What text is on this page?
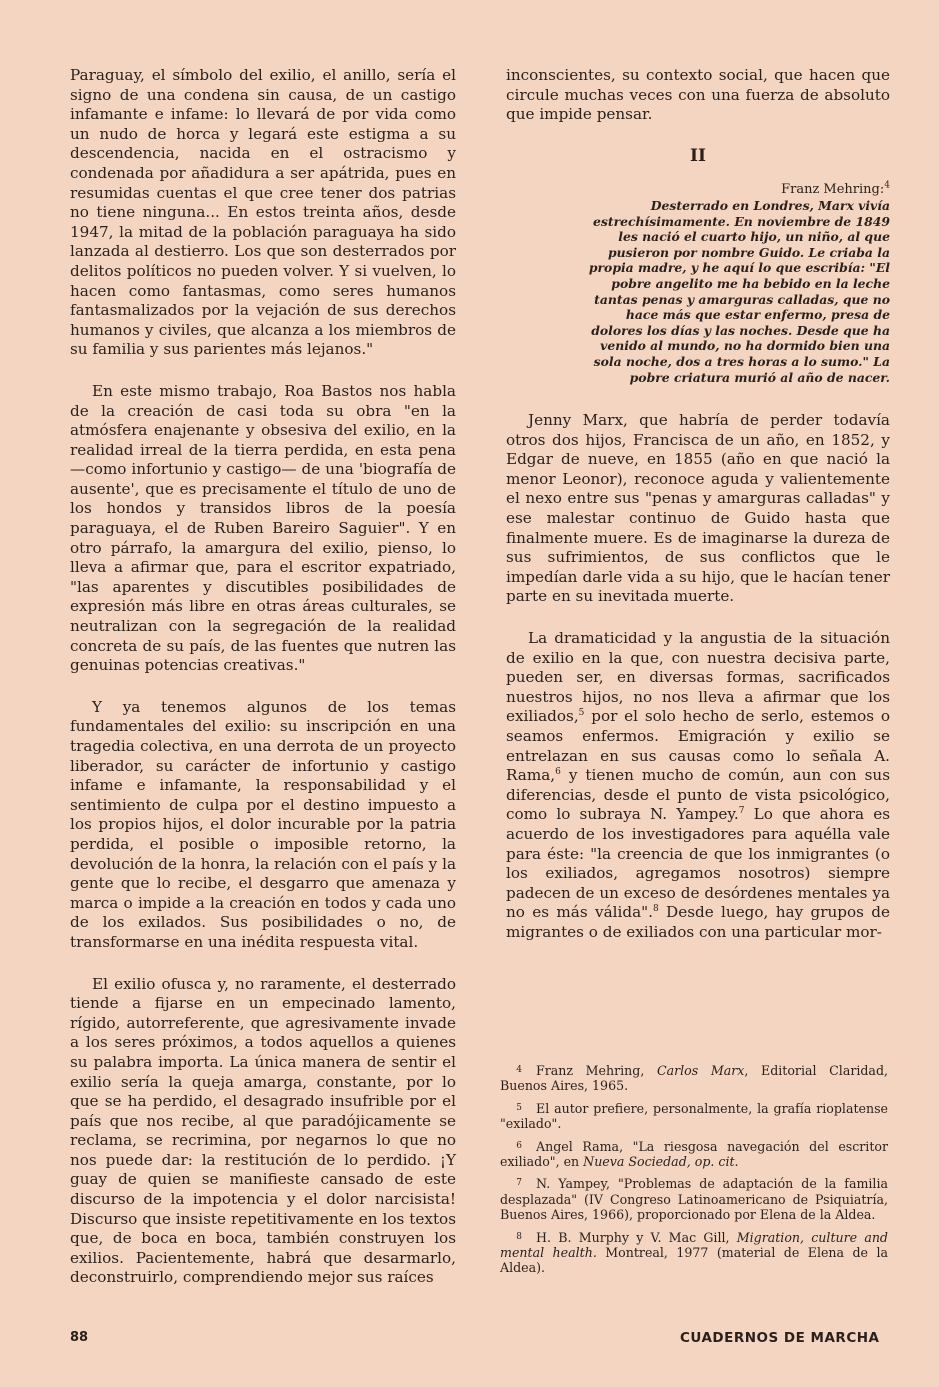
Paraguay, el símbolo del exilio, el anillo, sería el signo de una condena sin causa, de un castigo infamante e infame: lo llevará de por vida como un nudo de horca y legará este estigma a su descendencia, nacida en el ostracismo y condenada por añadidura a ser apátrida, pues en resumidas cuentas el que cree tener dos patrias no tiene ninguna... En estos treinta años, desde 1947, la mitad de la población paraguaya ha sido lanzada al destierro. Los que son desterrados por delitos políticos no pueden volver. Y si vuelven, lo hacen como fantasmas, como seres humanos fantasmalizados por la vejación de sus derechos humanos y civiles, que alcanza a los miembros de su familia y sus parientes más lejanos."

En este mismo trabajo, Roa Bastos nos habla de la creación de casi toda su obra "en la atmósfera enajenante y obsesiva del exilio, en la realidad irreal de la tierra perdida, en esta pena —como infortunio y castigo— de una 'biografía de ausente', que es precisamente el título de uno de los hondos y transidos libros de la poesía paraguaya, el de Ruben Bareiro Saguier". Y en otro párrafo, la amargura del exilio, pienso, lo lleva a afirmar que, para el escritor expatriado, "las aparentes y discutibles posibilidades de expresión más libre en otras áreas culturales, se neutralizan con la segregación de la realidad concreta de su país, de las fuentes que nutren las genuinas potencias creativas."

Y ya tenemos algunos de los temas fundamentales del exilio: su inscripción en una tragedia colectiva, en una derrota de un proyecto liberador, su carácter de infortunio y castigo infame e infamante, la responsabilidad y el sentimiento de culpa por el destino impuesto a los propios hijos, el dolor incurable por la patria perdida, el posible o imposible retorno, la devolución de la honra, la relación con el país y la gente que lo recibe, el desgarro que amenaza y marca o impide a la creación en todos y cada uno de los exilados. Sus posibilidades o no, de transformarse en una inédita respuesta vital.

El exilio ofusca y, no raramente, el desterrado tiende a fijarse en un empecinado lamento, rígido, autorreferente, que agresivamente invade a los seres próximos, a todos aquellos a quienes su palabra importa. La única manera de sentir el exilio sería la queja amarga, constante, por lo que se ha perdido, el desagrado insufrible por el país que nos recibe, al que paradójicamente se reclama, se recrimina, por negarnos lo que no nos puede dar: la restitución de lo perdido. ¡Y guay de quien se manifieste cansado de este discurso de la impotencia y el dolor narcisista! Discurso que insiste repetitivamente en los textos que, de boca en boca, también construyen los exilios. Pacientemente, habrá que desarmarlo, deconstruirlo, comprendiendo mejor sus raíces

inconscientes, su contexto social, que hacen que circule muchas veces con una fuerza de absoluto que impide pensar.

II
Franz Mehring:$^4$
Desterrado en Londres, Marx vivía estrechísimamente. En noviembre de 1849 les nació el cuarto hijo, un niño, al que pusieron por nombre Guido. Le criaba la propia madre, y he aquí lo que escribía: "El pobre angelito me ha bebido en la leche tantas penas y amarguras calladas, que no hace más que estar enfermo, presa de dolores los días y las noches. Desde que ha venido al mundo, no ha dormido bien una sola noche, dos a tres horas a lo sumo." La pobre criatura murió al año de nacer.

Jenny Marx, que habría de perder todavía otros dos hijos, Francisca de un año, en 1852, y Edgar de nueve, en 1855 (año en que nació la menor Leonor), reconoce aguda y valientemente el nexo entre sus "penas y amarguras calladas" y ese malestar continuo de Guido hasta que finalmente muere. Es de imaginarse la dureza de sus sufrimientos, de sus conflictos que le impedían darle vida a su hijo, que le hacían tener parte en su inevitada muerte.

La dramaticidad y la angustia de la situación de exilio en la que, con nuestra decisiva parte, pueden ser, en diversas formas, sacrificados nuestros hijos, no nos lleva a afirmar que los exiliados,$^5$ por el solo hecho de serlo, estemos o seamos enfermos. Emigración y exilio se entrelazan en sus causas como lo señala A. Rama,$^6$ y tienen mucho de común, aun con sus diferencias, desde el punto de vista psicológico, como lo subraya N. Yampey.$^7$ Lo que ahora es acuerdo de los investigadores para aquélla vale para éste: "la creencia de que los inmigrantes (o los exiliados, agregamos nosotros) siempre padecen de un exceso de desórdenes mentales ya no es más válida".$^8$ Desde luego, hay grupos de migrantes o de exiliados con una particular mor-

4 Franz Mehring, Carlos Marx, Editorial Claridad, Buenos Aires, 1965.
5 El autor prefiere, personalmente, la grafía rioplatense "exilado".
6 Angel Rama, "La riesgosa navegación del escritor exiliado", en Nueva Sociedad, op. cit.
7 N. Yampey, "Problemas de adaptación de la familia desplazada" (IV Congreso Latinoamericano de Psiquiatría, Buenos Aires, 1966), proporcionado por Elena de la Aldea.
8 H. B. Murphy y V. Mac Gill, Migration, culture and mental health. Montreal, 1977 (material de Elena de la Aldea).
88	CUADERNOS DE MARCHA
